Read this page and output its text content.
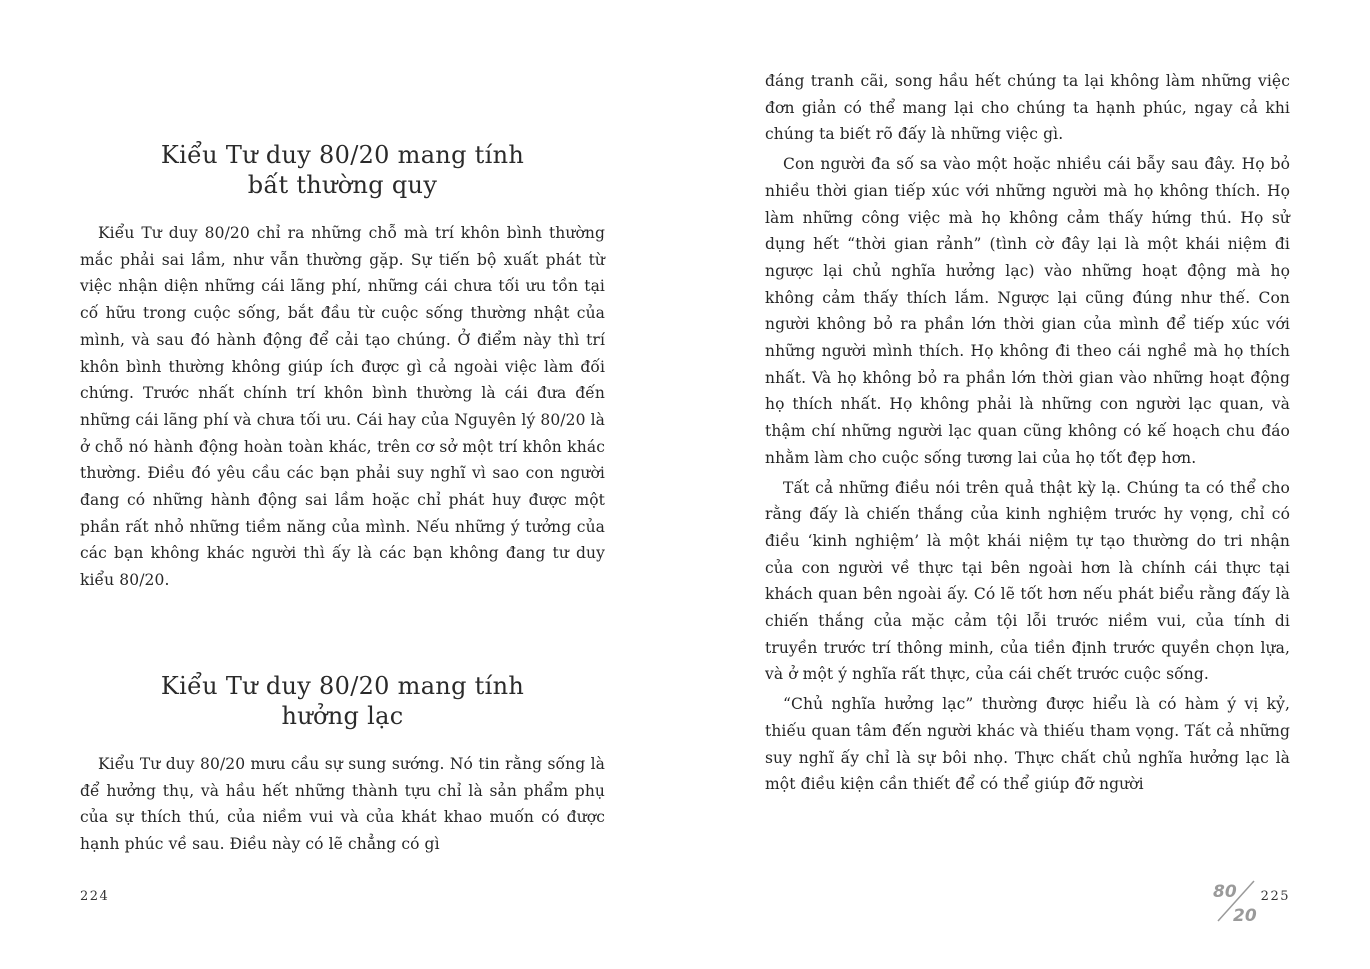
Kiểu Tư duy 80/20 mang tính
bất thường quy

Kiểu Tư duy 80/20 chỉ ra những chỗ mà trí khôn bình thường mắc phải sai lầm, như vẫn thường gặp. Sự tiến bộ xuất phát từ việc nhận diện những cái lãng phí, những cái chưa tối ưu tồn tại cố hữu trong cuộc sống, bắt đầu từ cuộc sống thường nhật của mình, và sau đó hành động để cải tạo chúng. Ở điểm này thì trí khôn bình thường không giúp ích được gì cả ngoài việc làm đối chứng. Trước nhất chính trí khôn bình thường là cái đưa đến những cái lãng phí và chưa tối ưu. Cái hay của Nguyên lý 80/20 là ở chỗ nó hành động hoàn toàn khác, trên cơ sở một trí khôn khác thường. Điều đó yêu cầu các bạn phải suy nghĩ vì sao con người đang có những hành động sai lầm hoặc chỉ phát huy được một phần rất nhỏ những tiềm năng của mình. Nếu những ý tưởng của các bạn không khác người thì ấy là các bạn không đang tư duy kiểu 80/20.

Kiểu Tư duy 80/20 mang tính
hưởng lạc

Kiểu Tư duy 80/20 mưu cầu sự sung sướng. Nó tin rằng sống là để hưởng thụ, và hầu hết những thành tựu chỉ là sản phẩm phụ của sự thích thú, của niềm vui và của khát khao muốn có được hạnh phúc về sau. Điều này có lẽ chẳng có gì

224

đáng tranh cãi, song hầu hết chúng ta lại không làm những việc đơn giản có thể mang lại cho chúng ta hạnh phúc, ngay cả khi chúng ta biết rõ đấy là những việc gì.

Con người đa số sa vào một hoặc nhiều cái bẫy sau đây. Họ bỏ nhiều thời gian tiếp xúc với những người mà họ không thích. Họ làm những công việc mà họ không cảm thấy hứng thú. Họ sử dụng hết “thời gian rảnh” (tình cờ đây lại là một khái niệm đi ngược lại chủ nghĩa hưởng lạc) vào những hoạt động mà họ không cảm thấy thích lắm. Ngược lại cũng đúng như thế. Con người không bỏ ra phần lớn thời gian của mình để tiếp xúc với những người mình thích. Họ không đi theo cái nghề mà họ thích nhất. Và họ không bỏ ra phần lớn thời gian vào những hoạt động họ thích nhất. Họ không phải là những con người lạc quan, và thậm chí những người lạc quan cũng không có kế hoạch chu đáo nhằm làm cho cuộc sống tương lai của họ tốt đẹp hơn.

Tất cả những điều nói trên quả thật kỳ lạ. Chúng ta có thể cho rằng đấy là chiến thắng của kinh nghiệm trước hy vọng, chỉ có điều ‘kinh nghiệm’ là một khái niệm tự tạo thường do tri nhận của con người về thực tại bên ngoài hơn là chính cái thực tại khách quan bên ngoài ấy. Có lẽ tốt hơn nếu phát biểu rằng đấy là chiến thắng của mặc cảm tội lỗi trước niềm vui, của tính di truyền trước trí thông minh, của tiền định trước quyền chọn lựa, và ở một ý nghĩa rất thực, của cái chết trước cuộc sống.

“Chủ nghĩa hưởng lạc” thường được hiểu là có hàm ý vị kỷ, thiếu quan tâm đến người khác và thiếu tham vọng. Tất cả những suy nghĩ ấy chỉ là sự bôi nhọ. Thực chất chủ nghĩa hưởng lạc là một điều kiện cần thiết để có thể giúp đỡ người

225
80
20
